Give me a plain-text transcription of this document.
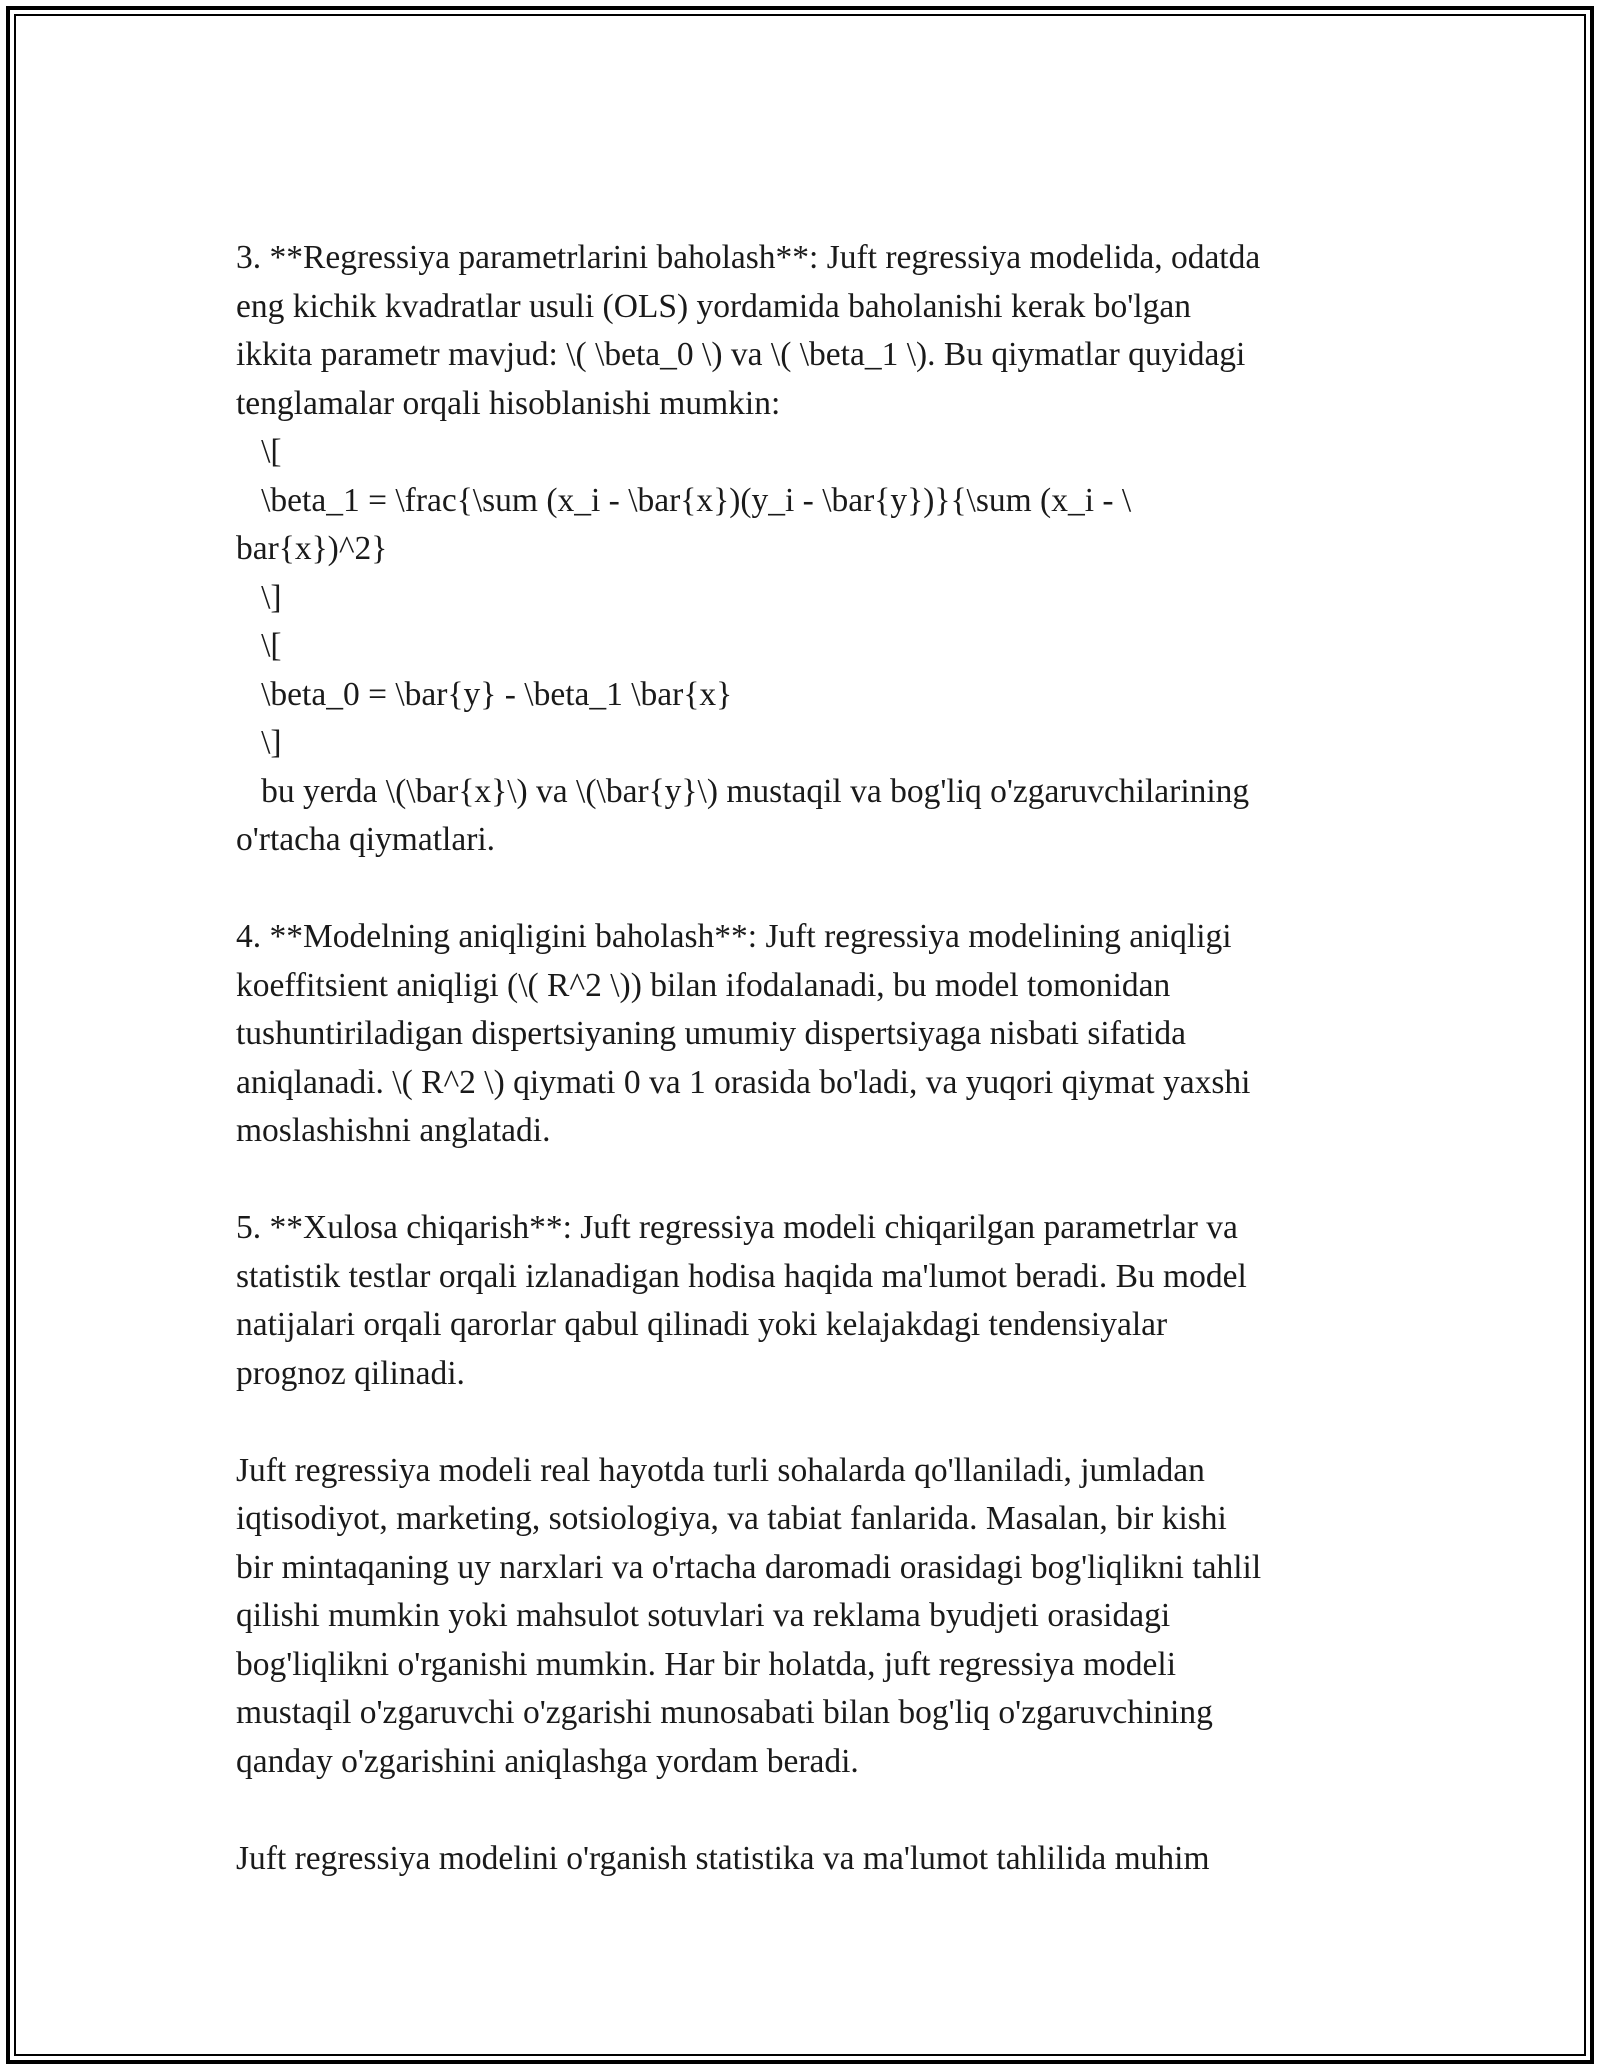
3. **Regressiya parametrlarini baholash**: Juft regressiya modelida, odatda
eng kichik kvadratlar usuli (OLS) yordamida baholanishi kerak bo'lgan
ikkita parametr mavjud: \( \beta_0 \) va \( \beta_1 \). Bu qiymatlar quyidagi
tenglamalar orqali hisoblanishi mumkin:
\[
\beta_1 = \frac{\sum (x_i - \bar{x})(y_i - \bar{y})}{\sum (x_i - \
bar{x})^2}
\]
\[
\beta_0 = \bar{y} - \beta_1 \bar{x}
\]
bu yerda \(\bar{x}\) va \(\bar{y}\) mustaqil va bog'liq o'zgaruvchilarining
o'rtacha qiymatlari.
4. **Modelning aniqligini baholash**: Juft regressiya modelining aniqligi
koeffitsient aniqligi (\( R^2 \)) bilan ifodalanadi, bu model tomonidan
tushuntiriladigan dispertsiyaning umumiy dispertsiyaga nisbati sifatida
aniqlanadi. \( R^2 \) qiymati 0 va 1 orasida bo'ladi, va yuqori qiymat yaxshi
moslashishni anglatadi.
5. **Xulosa chiqarish**: Juft regressiya modeli chiqarilgan parametrlar va
statistik testlar orqali izlanadigan hodisa haqida ma'lumot beradi. Bu model
natijalari orqali qarorlar qabul qilinadi yoki kelajakdagi tendensiyalar
prognoz qilinadi.
Juft regressiya modeli real hayotda turli sohalarda qo'llaniladi, jumladan
iqtisodiyot, marketing, sotsiologiya, va tabiat fanlarida. Masalan, bir kishi
bir mintaqaning uy narxlari va o'rtacha daromadi orasidagi bog'liqlikni tahlil
qilishi mumkin yoki mahsulot sotuvlari va reklama byudjeti orasidagi
bog'liqlikni o'rganishi mumkin. Har bir holatda, juft regressiya modeli
mustaqil o'zgaruvchi o'zgarishi munosabati bilan bog'liq o'zgaruvchining
qanday o'zgarishini aniqlashga yordam beradi.
Juft regressiya modelini o'rganish statistika va ma'lumot tahlilida muhim
